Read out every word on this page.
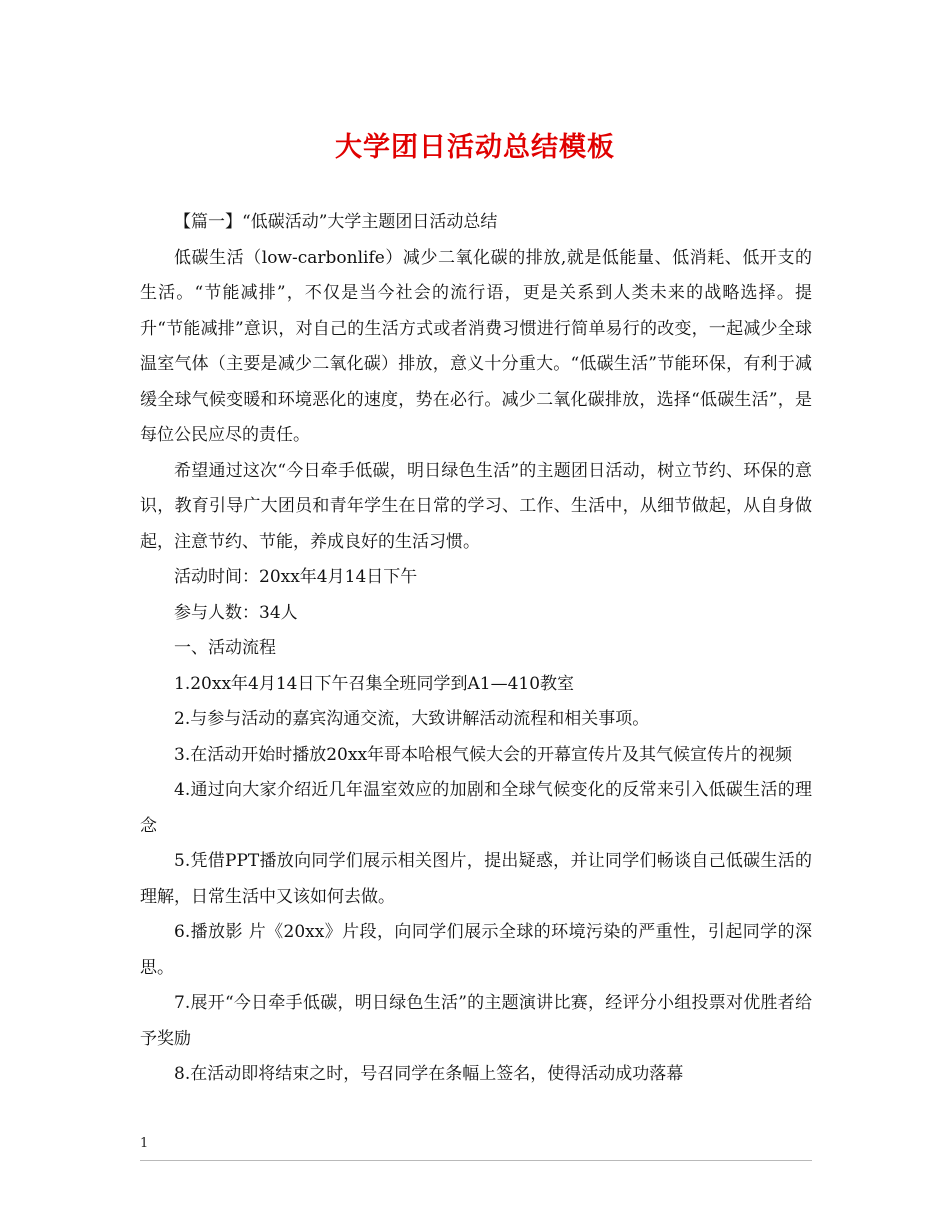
大学团日活动总结模板

【篇一】“低碳活动”大学主题团日活动总结

低碳生活（low-carbonlife）减少二氧化碳的排放,就是低能量、低消耗、低开支的生活。“节能减排”，不仅是当今社会的流行语，更是关系到人类未来的战略选择。提升“节能减排”意识，对自己的生活方式或者消费习惯进行简单易行的改变，一起减少全球温室气体（主要是减少二氧化碳）排放，意义十分重大。“低碳生活”节能环保，有利于减缓全球气候变暖和环境恶化的速度，势在必行。减少二氧化碳排放，选择“低碳生活”，是每位公民应尽的责任。

希望通过这次“今日牵手低碳，明日绿色生活”的主题团日活动，树立节约、环保的意识，教育引导广大团员和青年学生在日常的学习、工作、生活中，从细节做起，从自身做起，注意节约、节能，养成良好的生活习惯。

活动时间：20xx年4月14日下午

参与人数：34人

一、活动流程

1.20xx年4月14日下午召集全班同学到A1—410教室

2.与参与活动的嘉宾沟通交流，大致讲解活动流程和相关事项。

3.在活动开始时播放20xx年哥本哈根气候大会的开幕宣传片及其气候宣传片的视频

4.通过向大家介绍近几年温室效应的加剧和全球气候变化的反常来引入低碳生活的理念

5.凭借PPT播放向同学们展示相关图片，提出疑惑，并让同学们畅谈自己低碳生活的理解，日常生活中又该如何去做。

6.播放影 片《20xx》片段，向同学们展示全球的环境污染的严重性，引起同学的深思。

7.展开“今日牵手低碳，明日绿色生活”的主题演讲比赛，经评分小组投票对优胜者给予奖励

8.在活动即将结束之时，号召同学在条幅上签名，使得活动成功落幕

1
